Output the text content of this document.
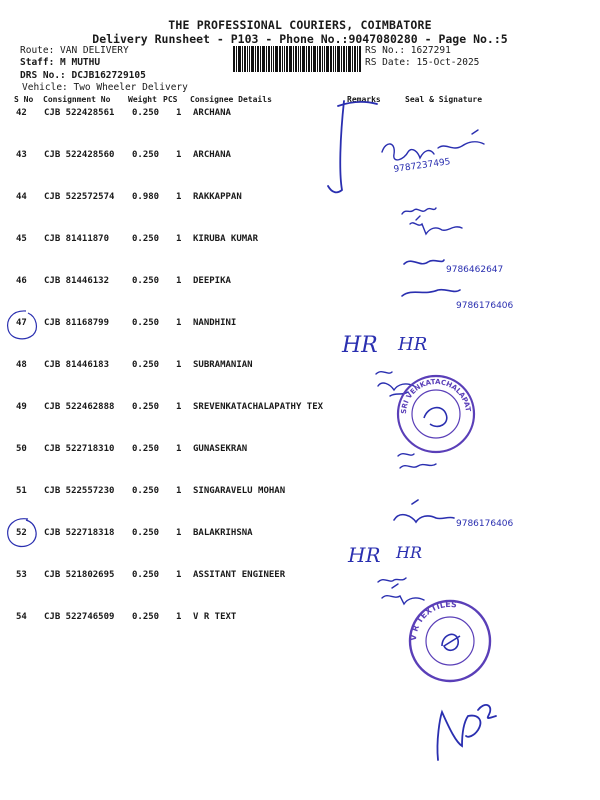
THE PROFESSIONAL COURIERS, COIMBATORE
Delivery Runsheet - P103 - Phone No.:9047080280 - Page No.:5
Route: VAN DELIVERY
Staff: M MUTHU
DRS No.: DCJB162729105
Vehicle: Two Wheeler Delivery
RS No.: 1627291
RS Date: 15-Oct-2025
S No Consignment No Weight PCS Consignee Details	Remarks	Seal & Signature
42 CJB 522428561 0.250 1 ARCHANA
43 CJB 522428560 0.250 1 ARCHANA
44 CJB 522572574 0.980 1 RAKKAPPAN
45 CJB 81411870	0.250 1 KIRUBA KUMAR
46 CJB 81446132	0.250 1 DEEPIKA
47 CJB 81168799	0.250 1 NANDHINI
48 CJB 81446183	0.250 1 SUBRAMANIAN
49 CJB 522462888 0.250 1 SREVENKATACHALAPATHY TEX
50 CJB 522718310 0.250 1 GUNASEKRAN
51 CJB 522557230 0.250 1 SINGARAVELU MOHAN
52 CJB 522718318 0.250 1 BALAKRIHSNA
53 CJB 521802695 0.250 1 ASSITANT ENGINEER
54 CJB 522746509 0.250 1 V R TEXT
9787237495
9786462647
9786176406
HR HR
SRI VENKATACHALAPATHY TEXTILES
9786176406
HR HR
V R TEXTILES
